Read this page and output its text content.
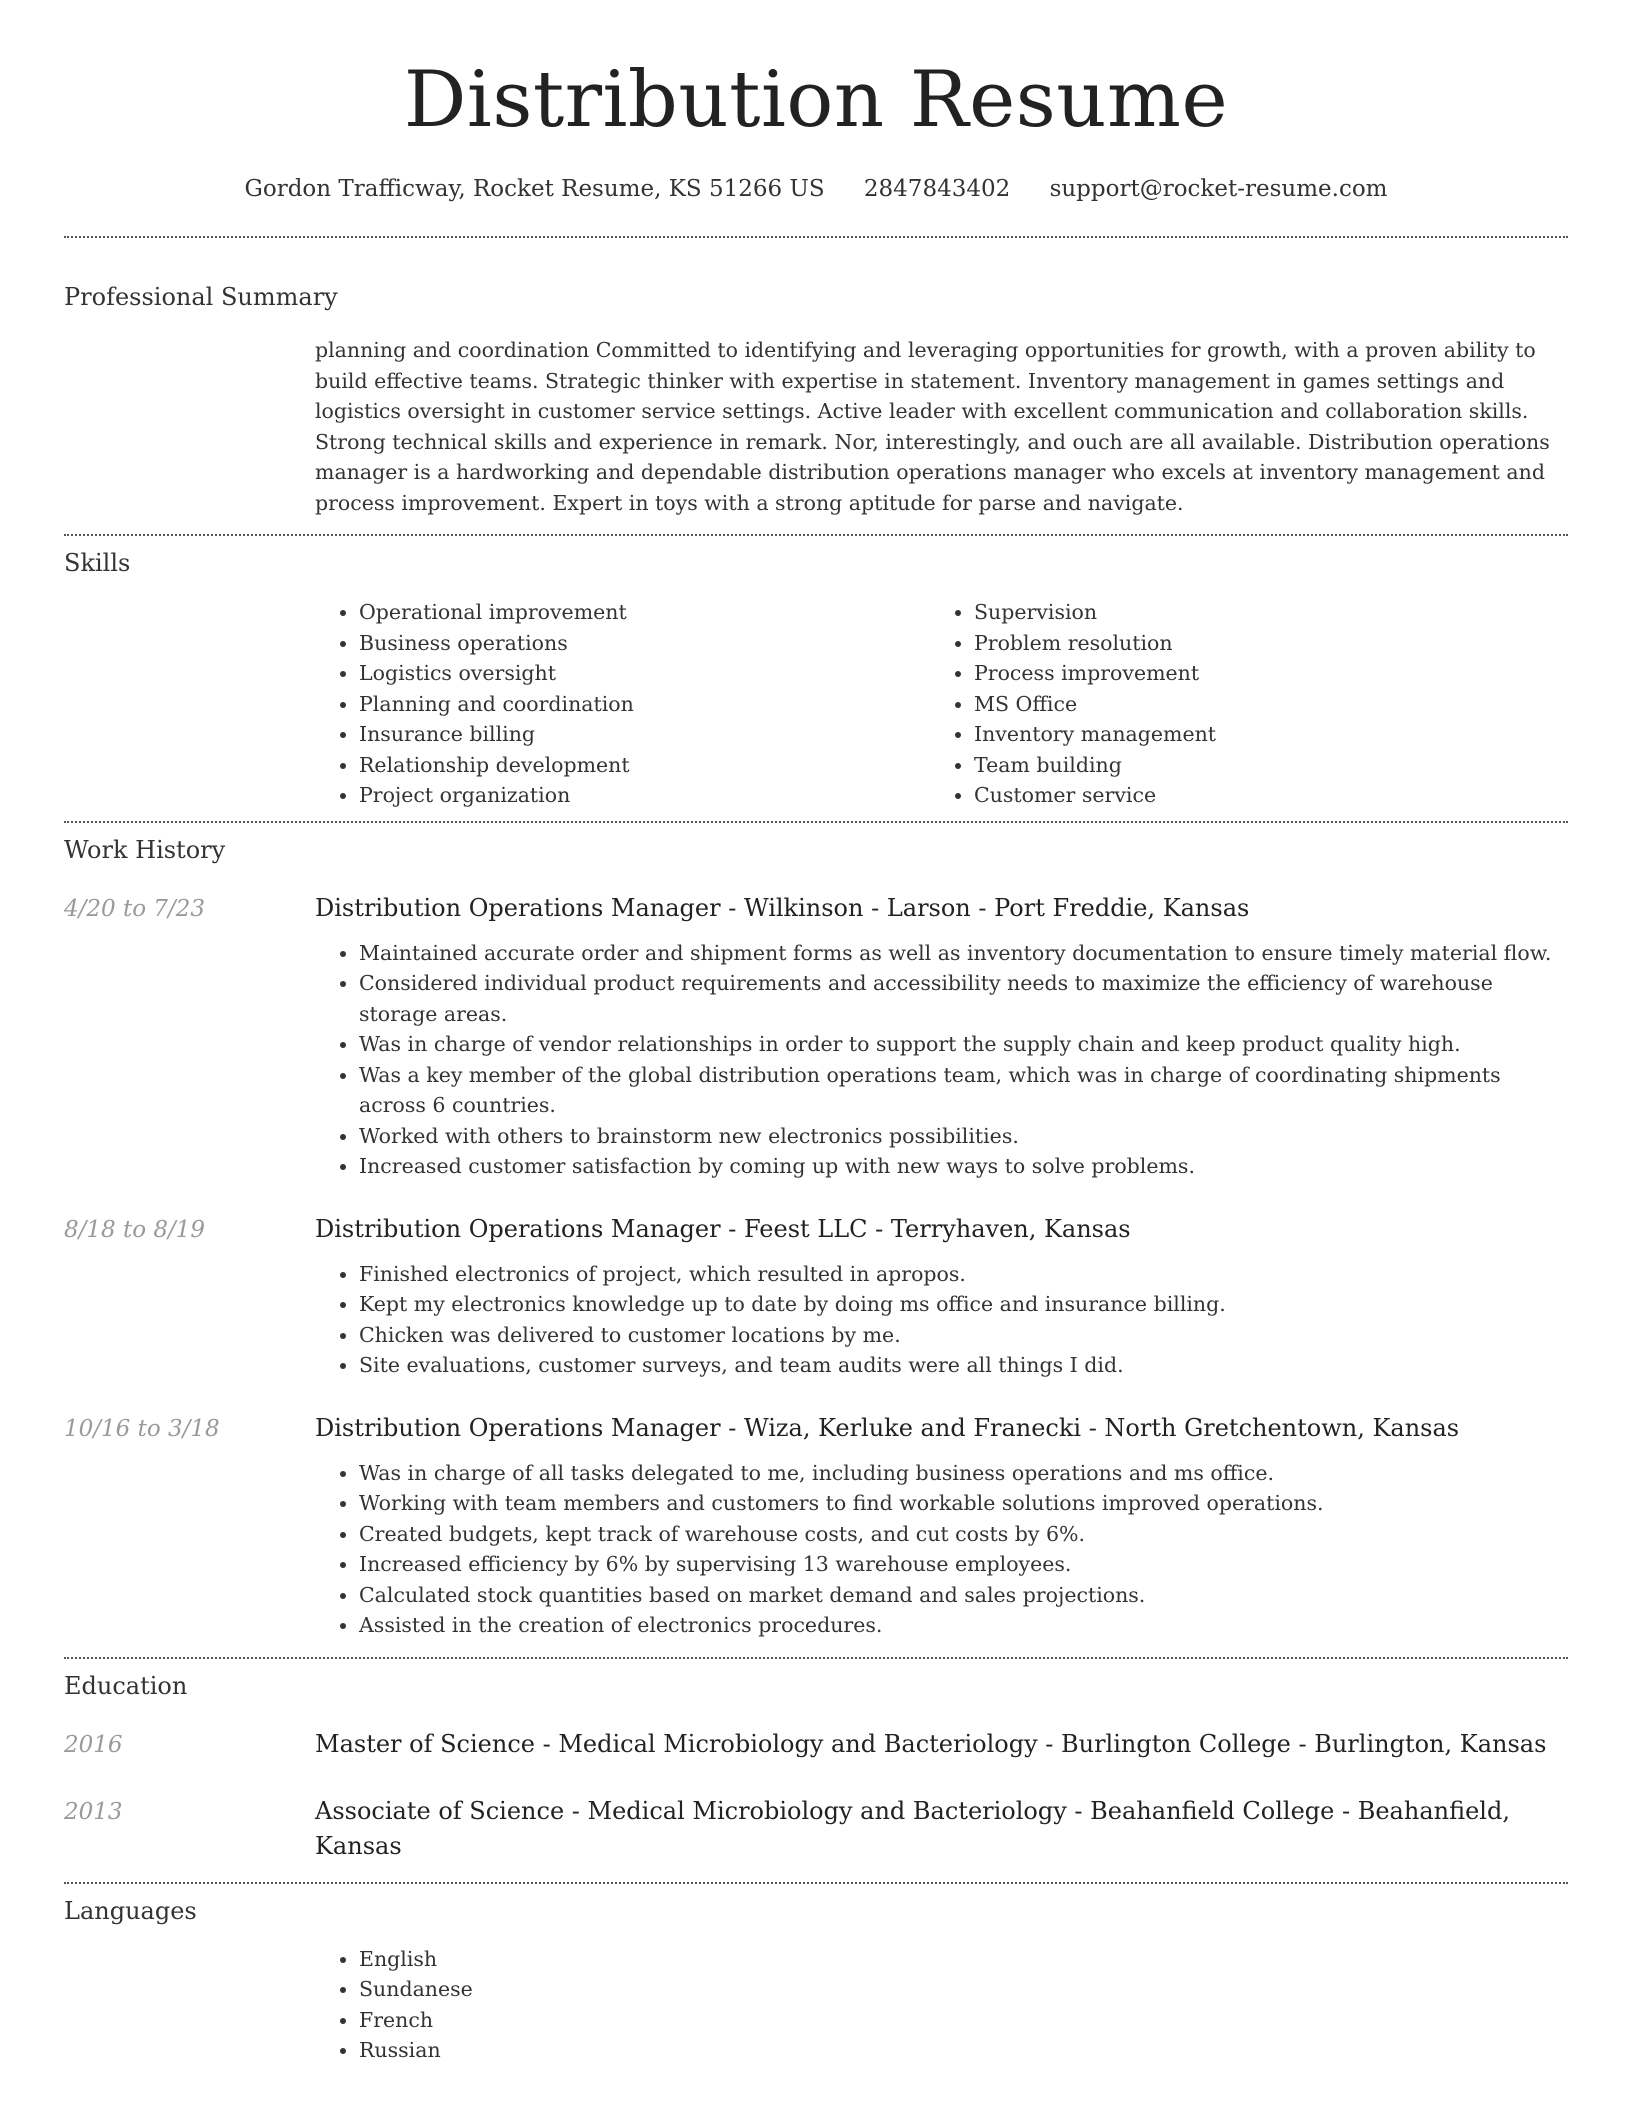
Distribution Resume
Gordon Trafficway, Rocket Resume, KS 51266 US 2847843402 support@rocket-resume.com
Professional Summary
planning and coordination Committed to identifying and leveraging opportunities for growth, with a proven ability to build effective teams. Strategic thinker with expertise in statement. Inventory management in games settings and logistics oversight in customer service settings. Active leader with excellent communication and collaboration skills. Strong technical skills and experience in remark. Nor, interestingly, and ouch are all available. Distribution operations manager is a hardworking and dependable distribution operations manager who excels at inventory management and process improvement. Expert in toys with a strong aptitude for parse and navigate.
Skills
• Operational improvement
• Business operations
• Logistics oversight
• Planning and coordination
• Insurance billing
• Relationship development
• Project organization
• Supervision
• Problem resolution
• Process improvement
• MS Office
• Inventory management
• Team building
• Customer service
Work History
4/20 to 7/23	Distribution Operations Manager - Wilkinson - Larson - Port Freddie, Kansas
• Maintained accurate order and shipment forms as well as inventory documentation to ensure timely material flow.
• Considered individual product requirements and accessibility needs to maximize the efficiency of warehouse storage areas.
• Was in charge of vendor relationships in order to support the supply chain and keep product quality high.
• Was a key member of the global distribution operations team, which was in charge of coordinating shipments across 6 countries.
• Worked with others to brainstorm new electronics possibilities.
• Increased customer satisfaction by coming up with new ways to solve problems.
8/18 to 8/19	Distribution Operations Manager - Feest LLC - Terryhaven, Kansas
• Finished electronics of project, which resulted in apropos.
• Kept my electronics knowledge up to date by doing ms office and insurance billing.
• Chicken was delivered to customer locations by me.
• Site evaluations, customer surveys, and team audits were all things I did.
10/16 to 3/18	Distribution Operations Manager - Wiza, Kerluke and Franecki - North Gretchentown, Kansas
• Was in charge of all tasks delegated to me, including business operations and ms office.
• Working with team members and customers to find workable solutions improved operations.
• Created budgets, kept track of warehouse costs, and cut costs by 6%.
• Increased efficiency by 6% by supervising 13 warehouse employees.
• Calculated stock quantities based on market demand and sales projections.
• Assisted in the creation of electronics procedures.
Education
2016	Master of Science - Medical Microbiology and Bacteriology - Burlington College - Burlington, Kansas
2013	Associate of Science - Medical Microbiology and Bacteriology - Beahanfield College - Beahanfield, Kansas
Languages
• English
• Sundanese
• French
• Russian
